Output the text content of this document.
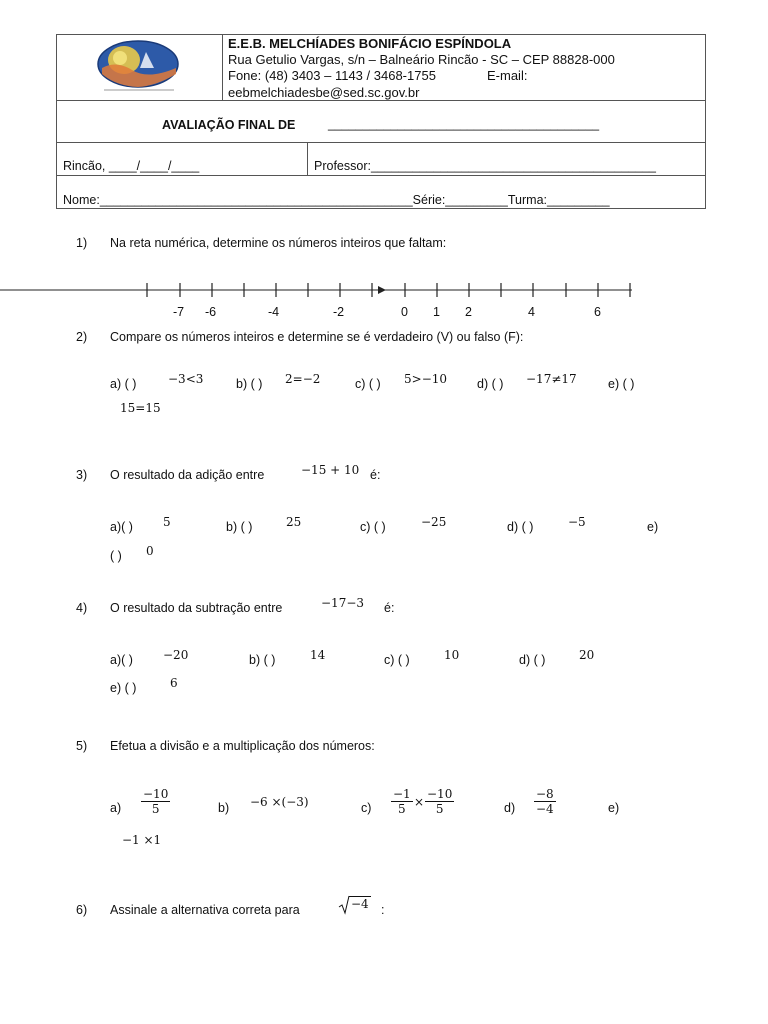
E.E.B. MELCHÍADES BONIFÁCIO ESPÍNDOLA
Rua Getulio Vargas, s/n – Balneário Rincão - SC – CEP 88828-000
Fone: (48) 3403 – 1143 / 3468-1755	E-mail:
eebmelchiadesbe@sed.sc.gov.br
AVALIAÇÃO FINAL DE	_______________________________________
Rincão, ____/____/____	Professor:_________________________________________
Nome:_____________________________________________Série:_________Turma:_________
1) Na reta numérica, determine os números inteiros que faltam:
-7 -6	-4	-2	0 1 2	4	6
2) Compare os números inteiros e determine se é verdadeiro (V) ou falso (F):
a) ( )	−3<3	b) ( ) 2=−2	c) ( ) 5>−10 d) ( ) −17≠17	e) ( )
15=15
3) O resultado da adição entre	−15 + 10 é:
a)( )	5	b) ( )	25	c) ( )	−25	d) ( )	−5	e)
( ) 0
4) O resultado da subtração entre	−17−3 é:
a)( )	−20	b) ( )	14	c) ( )	10	d) ( )	20
e) ( )	6
5) Efetua a divisão e a multiplicação dos números:
$a) \frac{-10}{5}$	b) −6 ×(−3)	$c) \frac{-1}{5} \times \frac{-10}{5}$	$d) \frac{-8}{-4}$	e)
−1 ×1
6) Assinale a alternativa correta para	−4 :
